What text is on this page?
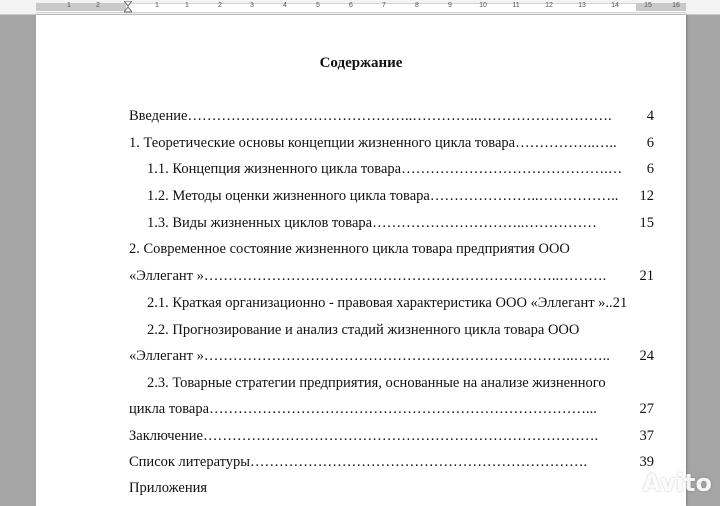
1	2	1	1	2	3	4	5	6	7	8	9	10	11	12	13	14	15	16
Содержание
Введение ………………………………………..…………..……………………….	4
1. Теоретические основы концепции жизненного цикла товара ……………..…..	6
1.1. Концепция жизненного цикла товара …………………………………….…	6
1.2. Методы оценки жизненного цикла товара …………………..……………..	12
1.3. Виды жизненных циклов товара …………………………..……………	15
2. Современное состояние жизненного цикла товара предприятия ООО
«Эллегант » ………………………………………………………………..……….	21
2.1. Краткая организационно - правовая характеристика ООО «Эллегант ».. 21
2.2. Прогнозирование и анализ стадий жизненного цикла товара ООО
«Эллегант » …………………………………………………………………..……..	24
2.3. Товарные стратегии предприятия, основанные на анализе жизненного
цикла товара ……………………………………………………………………...	27
Заключение ……………………………………………………………………….	37
Список литературы …………………………………………………………….	39
Приложения	Avito
